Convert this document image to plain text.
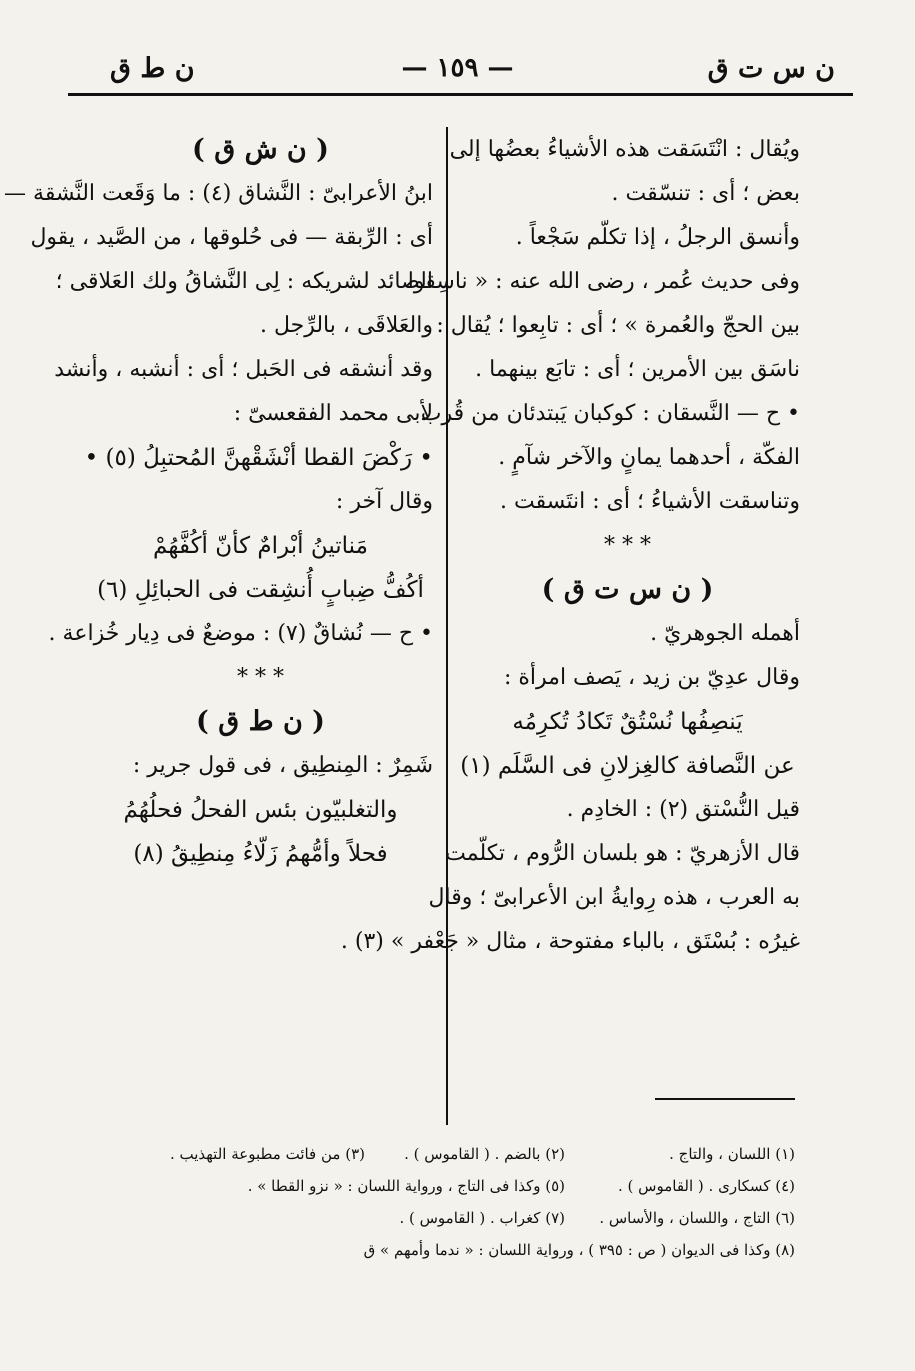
ن س ت ق
— ١٥٩ —
ن ط ق
ويُقال : انْتَسَقت هذه الأشياءُ بعضُها إلى
بعض ؛ أى : تنسّقت .
وأنسق الرجلُ ، إذا تكلّم سَجْعاً .
وفى حديث عُمر ، رضى الله عنه : « ناسِقوا
بين الحجّ والعُمرة » ؛ أى : تابِعوا ؛ يُقال :
ناسَق بين الأمرين ؛ أى : تابَع بينهما .
• ح — النَّسقان : كوكبان يَبتدئان من قُرب
الفكّة ، أحدهما يمانٍ والآخر شآمٍ .
وتناسقت الأشياءُ ؛ أى : انتَسقت .
* * *
( ن س ت ق )
أهمله الجوهريّ .
وقال عدِيّ بن زيد ، يَصف امرأة :
يَنصِفُها نُسْتُقٌ تَكادُ تُكرِمُه
عن النَّصافة كالغِزلانِ فى السَّلَم (١)
قيل النُّسْتق (٢) : الخادِم .
قال الأزهريّ : هو بلسان الرُّوم ، تكلّمت
به العرب ، هذه رِوايةُ ابن الأعرابىّ ؛ وقال
غيرُه : بُسْتَق ، بالباء مفتوحة ، مثال « جَعْفر » (٣) .
( ن ش ق )
ابنُ الأعرابىّ : النَّشاق (٤) : ما وَقَعت النَّشقة —
أى : الرِّبقة — فى حُلوقها ، من الصَّيد ، يقول
الصائد لشريكه : لِى النَّشاقُ ولك العَلاقى ؛
والعَلاقَى ، بالرِّجل .
وقد أنشقه فى الحَبل ؛ أى : أنشبه ، وأنشد
لأبى محمد الفقعسىّ :
• رَكْضَ القطا أنْشَقْهنَّ المُحتبِلُ (٥) •
وقال آخر :
مَناتينُ أبْرامٌ كأنّ أكُفَّهُمْ
أكُفُّ ضِبابٍ أُنشِقت فى الحبائِلِ (٦)
• ح — نُشاقٌ (٧) : موضعٌ فى دِيار خُزاعة .
* * *
( ن ط ق )
شَمِرٌ : المِنطِيق ، فى قول جرير :
والتغلبيّون بئس الفحلُ فحلُهُمُ
فحلاً وأمُّهمُ زَلّاءُ مِنطِيقُ (٨)
(١) اللسان ، والتاج .(٢) بالضم . ( القاموس ) .(٣) من فائت مطبوعة التهذيب .
(٤) كسكارى . ( القاموس ) .(٥) وكذا فى التاج ، ورواية اللسان : « نزو القطا » .
(٦) التاج ، واللسان ، والأساس .(٧) كغراب . ( القاموس ) .
(٨) وكذا فى الديوان ( ص : ٣٩٥ ) ، ورواية اللسان : « ندما وأمهم » ق
